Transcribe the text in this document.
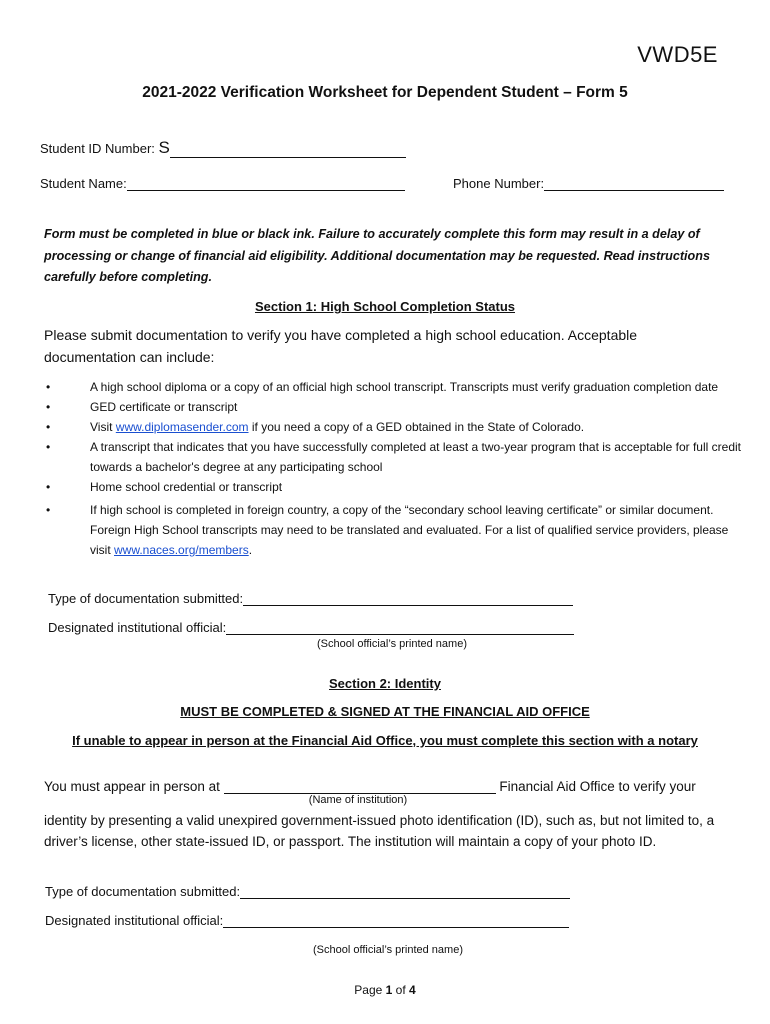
VWD5E
2021-2022 Verification Worksheet for Dependent Student – Form 5
Student ID Number: S
Student Name:	Phone Number:
Form must be completed in blue or black ink. Failure to accurately complete this form may result in a delay of processing or change of financial aid eligibility. Additional documentation may be requested. Read instructions carefully before completing.
Section 1: High School Completion Status
Please submit documentation to verify you have completed a high school education. Acceptable documentation can include:
• A high school diploma or a copy of an official high school transcript. Transcripts must verify graduation completion date
• GED certificate or transcript
• Visit www.diplomasender.com if you need a copy of a GED obtained in the State of Colorado.
• A transcript that indicates that you have successfully completed at least a two-year program that is acceptable for full credit towards a bachelor's degree at any participating school
• Home school credential or transcript
• If high school is completed in foreign country, a copy of the “secondary school leaving certificate” or similar document. Foreign High School transcripts may need to be translated and evaluated. For a list of qualified service providers, please visit www.naces.org/members.
Type of documentation submitted:
Designated institutional official:
(School official’s printed name)
Section 2: Identity
MUST BE COMPLETED & SIGNED AT THE FINANCIAL AID OFFICE
If unable to appear in person at the Financial Aid Office, you must complete this section with a notary
You must appear in person at	Financial Aid Office to verify your
(Name of institution)
identity by presenting a valid unexpired government-issued photo identification (ID), such as, but not limited to, a driver’s license, other state-issued ID, or passport. The institution will maintain a copy of your photo ID.
Type of documentation submitted:
Designated institutional official:
(School official’s printed name)
Page 1 of 4
